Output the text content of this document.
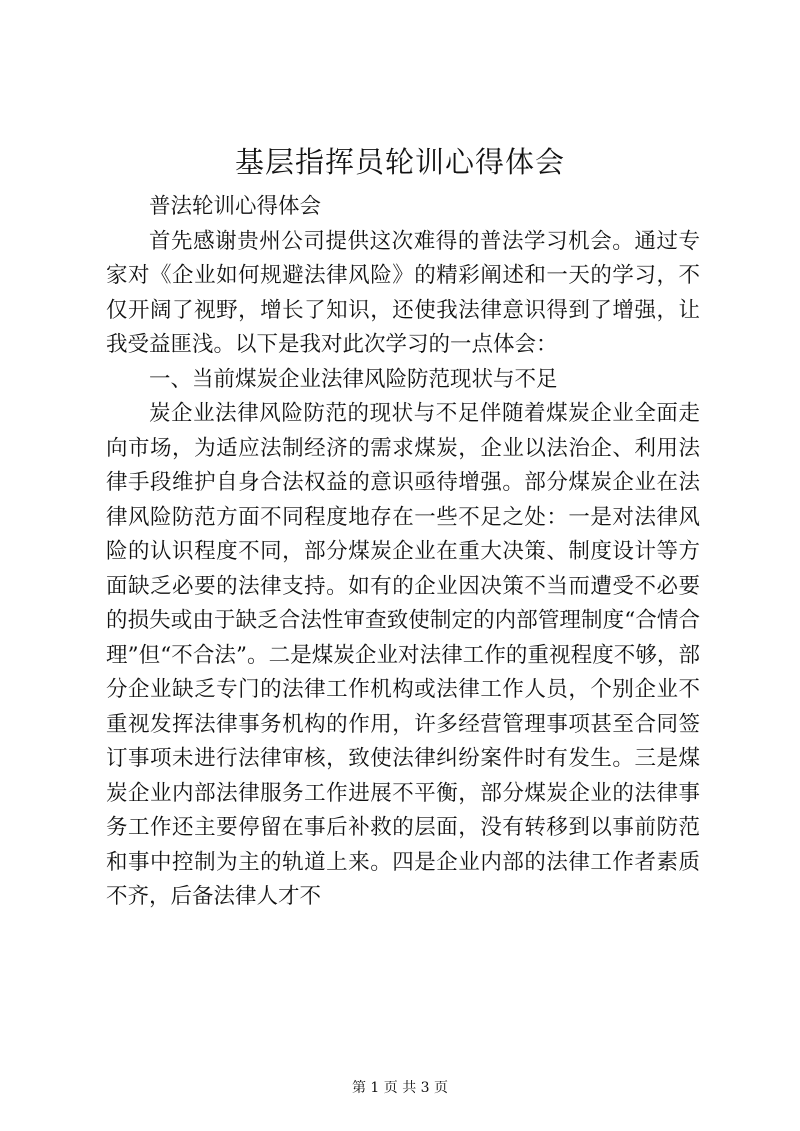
基层指挥员轮训心得体会

普法轮训心得体会

首先感谢贵州公司提供这次难得的普法学习机会。通过专家对《企业如何规避法律风险》的精彩阐述和一天的学习，不仅开阔了视野，增长了知识，还使我法律意识得到了增强，让我受益匪浅。以下是我对此次学习的一点体会：

一、当前煤炭企业法律风险防范现状与不足

炭企业法律风险防范的现状与不足伴随着煤炭企业全面走向市场，为适应法制经济的需求煤炭，企业以法治企、利用法律手段维护自身合法权益的意识亟待增强。部分煤炭企业在法律风险防范方面不同程度地存在一些不足之处：一是对法律风险的认识程度不同，部分煤炭企业在重大决策、制度设计等方面缺乏必要的法律支持。如有的企业因决策不当而遭受不必要的损失或由于缺乏合法性审查致使制定的内部管理制度“合情合理”但“不合法”。二是煤炭企业对法律工作的重视程度不够，部分企业缺乏专门的法律工作机构或法律工作人员，个别企业不重视发挥法律事务机构的作用，许多经营管理事项甚至合同签订事项未进行法律审核，致使法律纠纷案件时有发生。三是煤炭企业内部法律服务工作进展不平衡，部分煤炭企业的法律事务工作还主要停留在事后补救的层面，没有转移到以事前防范和事中控制为主的轨道上来。四是企业内部的法律工作者素质不齐，后备法律人才不

第 1 页 共 3 页
